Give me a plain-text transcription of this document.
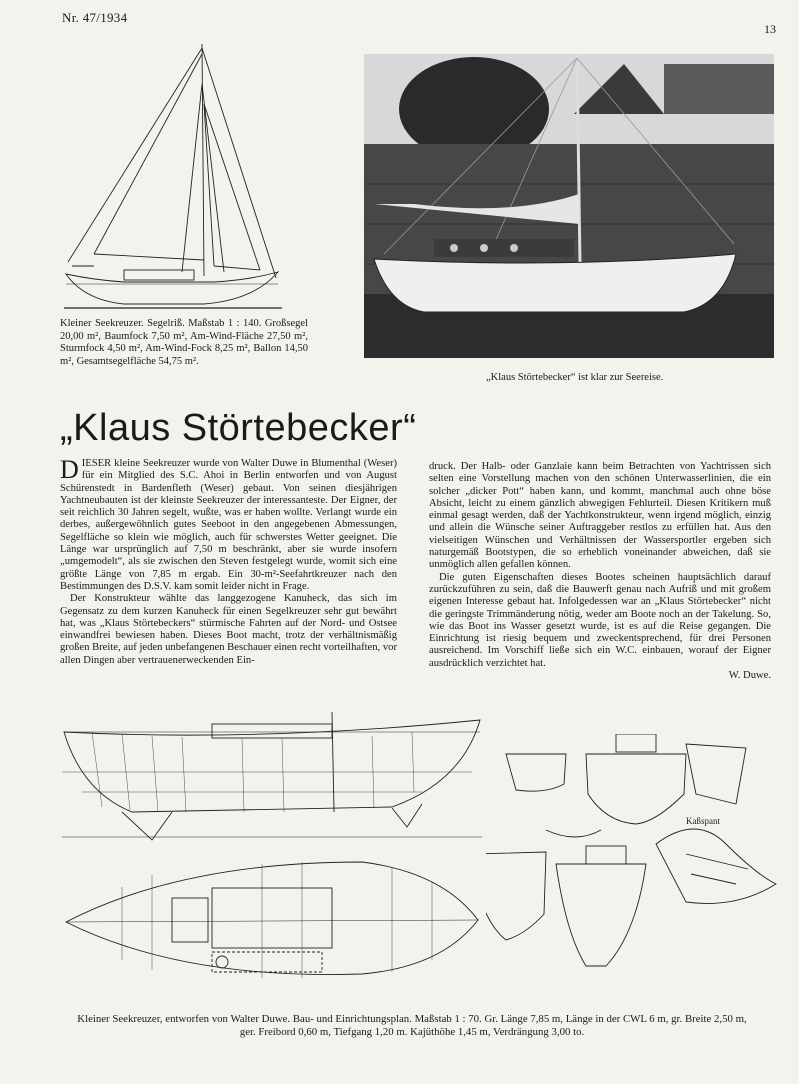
Nr. 47/1934
13
Kleiner Seekreuzer. Segelriß. Maßstab 1 : 140. Großsegel 20,00 m², Baumfock 7,50 m², Am-Wind-Fläche 27,50 m², Sturmfock 4,50 m², Am-Wind-Fock 8,25 m², Ballon 14,50 m², Gesamtsegelfläche 54,75 m².
„Klaus Störtebecker“ ist klar zur Seereise.
„Klaus Störtebecker“

DIESER kleine Seekreuzer wurde von Walter Duwe in Blumenthal (Weser) für ein Mitglied des S.C. Ahoi in Berlin entworfen und von August Schürenstedt in Bardenfleth (Weser) gebaut. Von seinen diesjährigen Yachtneubauten ist der kleinste Seekreuzer der interessanteste. Der Eigner, der seit reichlich 30 Jahren segelt, wußte, was er haben wollte. Verlangt wurde ein derbes, außergewöhnlich gutes Seeboot in den angegebenen Abmessungen, Segelfläche so klein wie möglich, auch für schwerstes Wetter geeignet. Die Länge war ursprünglich auf 7,50 m beschränkt, aber sie wurde insofern „umgemodelt“, als sie zwischen den Steven festgelegt wurde, womit sich eine größte Länge von 7,85 m ergab. Ein 30-m²-Seefahrtkreuzer nach den Bestimmungen des D.S.V. kam somit leider nicht in Frage.

Der Konstrukteur wählte das langgezogene Kanuheck, das sich im Gegensatz zu dem kurzen Kanuheck für einen Segelkreuzer sehr gut bewährt hat, was „Klaus Störtebeckers“ stürmische Fahrten auf der Nord- und Ostsee einwandfrei bewiesen haben. Dieses Boot macht, trotz der verhältnismäßig großen Breite, auf jeden unbefangenen Beschauer einen recht vorteilhaften, vor allen Dingen aber vertrauenerweckenden Ein-

druck. Der Halb- oder Ganzlaie kann beim Betrachten von Yachtrissen sich selten eine Vorstellung machen von den schönen Unterwasserlinien, die ein solcher „dicker Pott“ haben kann, und kommt, manchmal auch ohne böse Absicht, leicht zu einem gänzlich abwegigen Fehlurteil. Diesen Kritikern muß einmal gesagt werden, daß der Yachtkonstrukteur, wenn irgend möglich, einzig und allein die Wünsche seiner Auftraggeber restlos zu erfüllen hat. Aus den vielseitigen Wünschen und Verhältnissen der Wassersportler ergeben sich naturgemäß Bootstypen, die so erheblich voneinander abweichen, daß sie unmöglich allen gefallen können.

Die guten Eigenschaften dieses Bootes scheinen hauptsächlich darauf zurückzuführen zu sein, daß die Bauwerft genau nach Aufriß und mit großem eigenen Interesse gebaut hat. Infolgedessen war an „Klaus Störtebecker“ nicht die geringste Trimmänderung nötig, weder am Boote noch an der Takelung. So, wie das Boot ins Wasser gesetzt wurde, ist es auf die Reise gegangen. Die Einrichtung ist riesig bequem und zweckentsprechend, für drei Personen ausreichend. Im Vorschiff ließe sich ein W.C. einbauen, worauf der Eigner ausdrücklich verzichtet hat.

W. Duwe.
Kaßspant
Kleiner Seekreuzer, entworfen von Walter Duwe. Bau- und Einrichtungsplan. Maßstab 1 : 70. Gr. Länge 7,85 m, Länge in der CWL 6 m, gr. Breite 2,50 m, ger. Freibord 0,60 m, Tiefgang 1,20 m. Kajüthöhe 1,45 m, Verdrängung 3,00 to.
